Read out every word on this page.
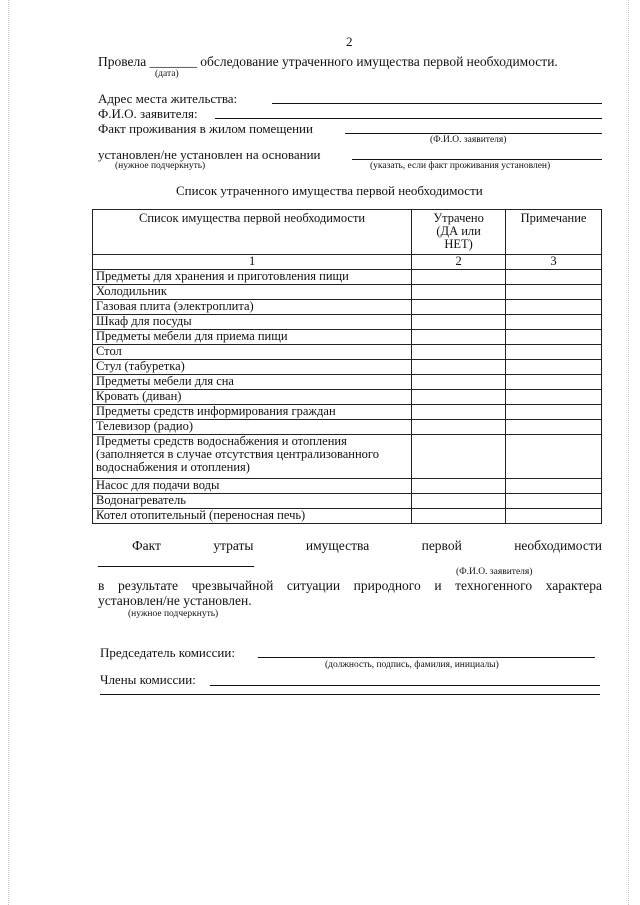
2
Провела _______ обследование утраченного имущества первой необходимости.
(дата)
Адрес места жительства:
Ф.И.О. заявителя:
Факт проживания в жилом помещении
(Ф.И.О. заявителя)
установлен/не установлен на основании
(нужное подчеркнуть)	(указать, если факт проживания установлен)
Список утраченного имущества первой необходимости
Список имущества первой необходимости	Утрачено (ДА или НЕТ)	Примечание
1	2	3
Предметы для хранения и приготовления пищи		
Холодильник		
Газовая плита (электроплита)		
Шкаф для посуды		
Предметы мебели для приема пищи		
Стол		
Стул (табуретка)		
Предметы мебели для сна		
Кровать (диван)		
Предметы средств информирования граждан		
Телевизор (радио)		
Предметы средств водоснабжения и отопления (заполняется в случае отсутствия централизованного водоснабжения и отопления)		
Насос для подачи воды		
Водонагреватель		
Котел отопительный (переносная печь)		
Факт	утраты	имущества	первой	необходимости
(Ф.И.О. заявителя)
в результате чрезвычайной ситуации природного и техногенного характера
установлен/не установлен.
(нужное подчеркнуть)
Председатель комиссии:
(должность, подпись, фамилия, инициалы)
Члены комиссии:
